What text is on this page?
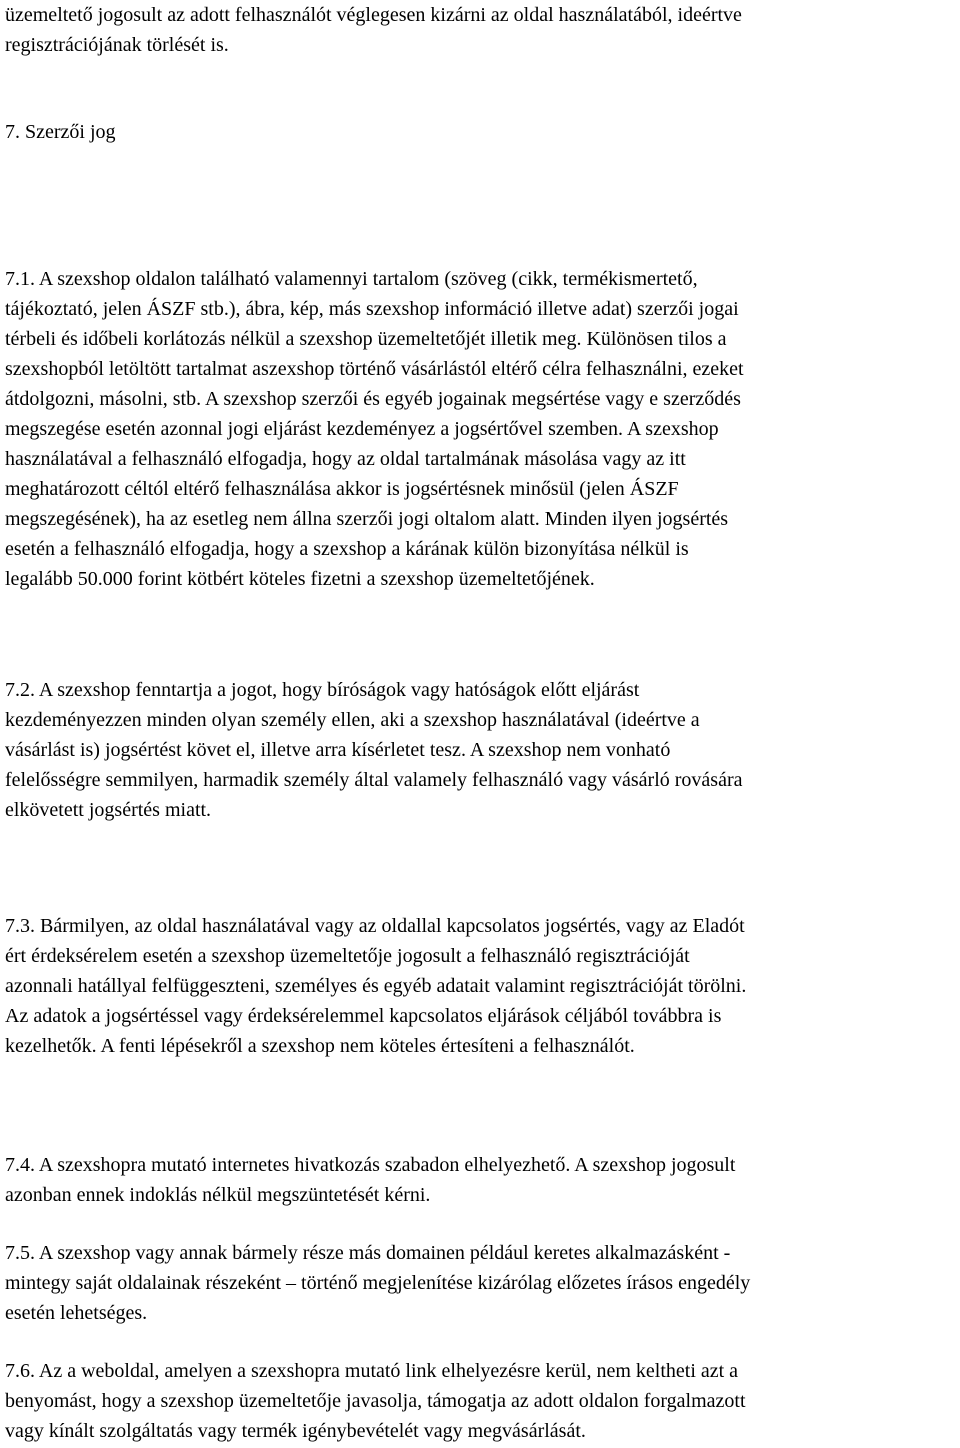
üzemeltető jogosult az adott felhasználót véglegesen kizárni az oldal használatából, ideértve

regisztrációjának törlését is.

7. Szerzői jog

7.1. A szexshop oldalon található valamennyi tartalom (szöveg (cikk, termékismertető,

tájékoztató, jelen ÁSZF stb.), ábra, kép, más szexshop információ illetve adat) szerzői jogai

térbeli és időbeli korlátozás nélkül a szexshop üzemeltetőjét illetik meg. Különösen tilos a

szexshopból letöltött tartalmat aszexshop történő vásárlástól eltérő célra felhasználni, ezeket

átdolgozni, másolni, stb. A szexshop szerzői és egyéb jogainak megsértése vagy e szerződés

megszegése esetén azonnal jogi eljárást kezdeményez a jogsértővel szemben. A szexshop

használatával a felhasználó elfogadja, hogy az oldal tartalmának másolása vagy az itt

meghatározott céltól eltérő felhasználása akkor is jogsértésnek minősül (jelen ÁSZF

megszegésének), ha az esetleg nem állna szerzői jogi oltalom alatt. Minden ilyen jogsértés

esetén a felhasználó elfogadja, hogy a szexshop a kárának külön bizonyítása nélkül is

legalább 50.000 forint kötbért köteles fizetni a szexshop üzemeltetőjének.

7.2. A szexshop fenntartja a jogot, hogy bíróságok vagy hatóságok előtt eljárást

kezdeményezzen minden olyan személy ellen, aki a szexshop használatával (ideértve a

vásárlást is) jogsértést követ el, illetve arra kísérletet tesz. A szexshop nem vonható

felelősségre semmilyen, harmadik személy által valamely felhasználó vagy vásárló rovására

elkövetett jogsértés miatt.

7.3. Bármilyen, az oldal használatával vagy az oldallal kapcsolatos jogsértés, vagy az Eladót

ért érdeksérelem esetén a szexshop üzemeltetője jogosult a felhasználó regisztrációját

azonnali hatállyal felfüggeszteni, személyes és egyéb adatait valamint regisztrációját törölni.

Az adatok a jogsértéssel vagy érdeksérelemmel kapcsolatos eljárások céljából továbbra is

kezelhetők. A fenti lépésekről a szexshop nem köteles értesíteni a felhasználót.

7.4. A szexshopra mutató internetes hivatkozás szabadon elhelyezhető. A szexshop jogosult

azonban ennek indoklás nélkül megszüntetését kérni.

7.5. A szexshop vagy annak bármely része más domainen például keretes alkalmazásként -

mintegy saját oldalainak részeként – történő megjelenítése kizárólag előzetes írásos engedély

esetén lehetséges.

7.6. Az a weboldal, amelyen a szexshopra mutató link elhelyezésre kerül, nem keltheti azt a

benyomást, hogy a szexshop üzemeltetője javasolja, támogatja az adott oldalon forgalmazott

vagy kínált szolgáltatás vagy termék igénybevételét vagy megvásárlását.
